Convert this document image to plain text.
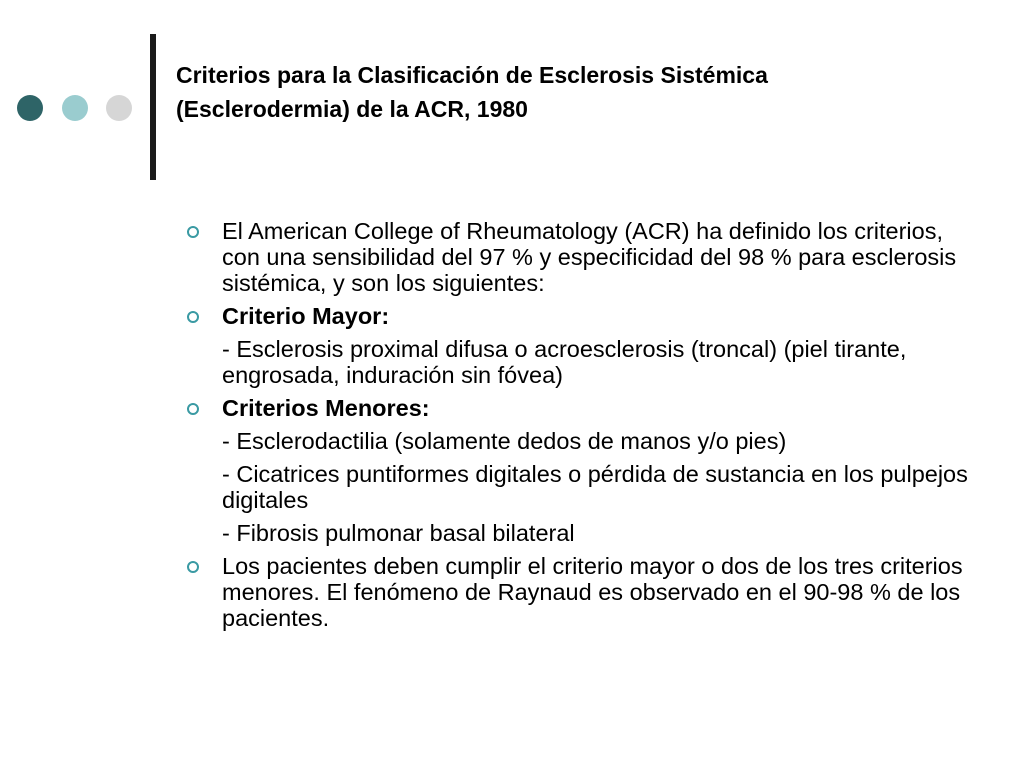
Criterios para la Clasificación de Esclerosis Sistémica
(Esclerodermia) de la ACR, 1980
El American College of Rheumatology (ACR) ha definido los criterios, con una sensibilidad del 97 % y especificidad del 98 % para esclerosis sistémica, y son los siguientes:
Criterio Mayor:
- Esclerosis proximal difusa o acroesclerosis (troncal) (piel tirante, engrosada, induración sin fóvea)
Criterios Menores:
- Esclerodactilia (solamente dedos de manos y/o pies)
- Cicatrices puntiformes digitales o pérdida de sustancia en los pulpejos digitales
- Fibrosis pulmonar basal bilateral
Los pacientes deben cumplir el criterio mayor o dos de los tres criterios menores. El fenómeno de Raynaud es observado en el 90-98 % de los pacientes.
